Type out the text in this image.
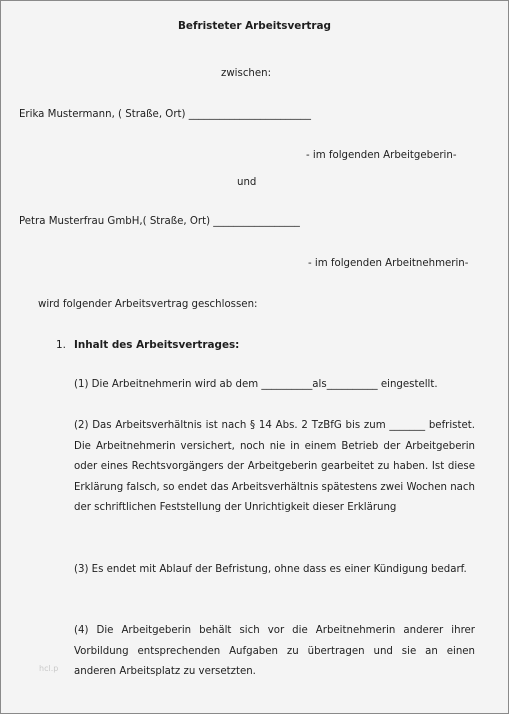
Befristeter Arbeitsvertrag
zwischen:
Erika Mustermann, ( Straße, Ort) ________________________
- im folgenden Arbeitgeberin-
und
Petra Musterfrau GmbH,( Straße, Ort) _________________
- im folgenden Arbeitnehmerin-
wird folgender Arbeitsvertrag geschlossen:
1. Inhalt des Arbeitsvertrages:
(1) Die Arbeitnehmerin wird ab dem __________als__________ eingestellt.
(2) Das Arbeitsverhältnis ist nach § 14 Abs. 2 TzBfG bis zum _______ befristet. Die Arbeitnehmerin versichert, noch nie in einem Betrieb der Arbeitgeberin oder eines Rechtsvorgängers der Arbeitgeberin gearbeitet zu haben. Ist diese Erklärung falsch, so endet das Arbeitsverhältnis spätestens zwei Wochen nach der schriftlichen Feststellung der Unrichtigkeit dieser Erklärung
(3) Es endet mit Ablauf der Befristung, ohne dass es einer Kündigung bedarf.
(4) Die Arbeitgeberin behält sich vor die Arbeitnehmerin anderer ihrer Vorbildung entsprechenden Aufgaben zu übertragen und sie an einen anderen Arbeitsplatz zu versetzten.
hcl.p
